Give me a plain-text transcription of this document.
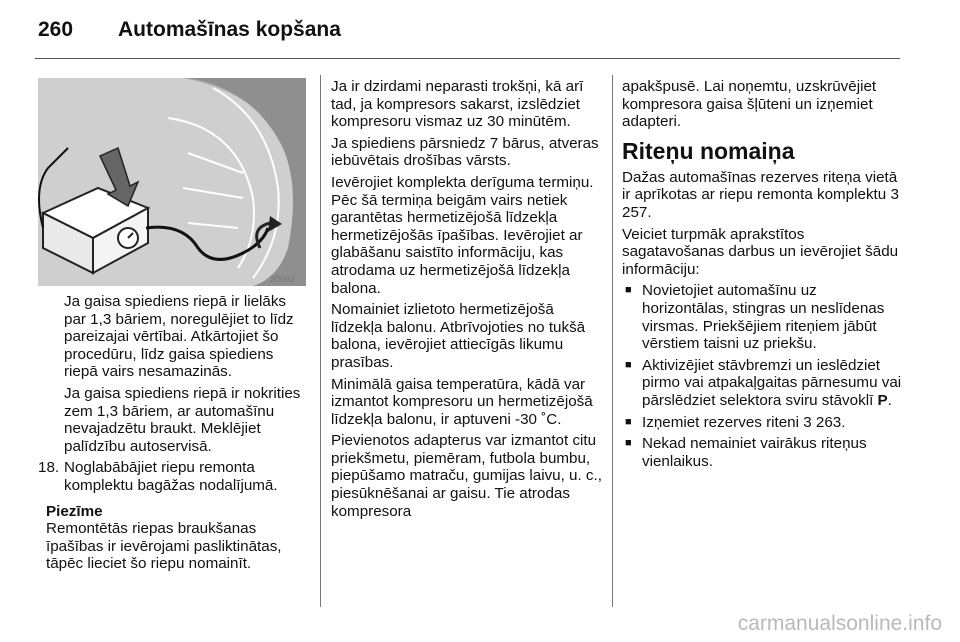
260 Automašīnas kopšana
30062

Ja gaisa spiediens riepā ir lielāks par 1,3 bāriem, noregulējiet to līdz pareizajai vērtībai. Atkārtojiet šo procedūru, līdz gaisa spiediens riepā vairs nesamazinās.

Ja gaisa spiediens riepā ir nokrities zem 1,3 bāriem, ar automašīnu nevajadzētu braukt. Meklējiet palīdzību autoservisā.

18. Noglabābājiet riepu remonta komplektu bagāžas nodalījumā.
Piezīme

Remontētās riepas braukšanas īpašības ir ievērojami pasliktinātas, tāpēc lieciet šo riepu nomainīt.

Ja ir dzirdami neparasti trokšņi, kā arī tad, ja kompresors sakarst, izslēdziet kompresoru vismaz uz 30 minūtēm.

Ja spiediens pārsniedz 7 bārus, atveras iebūvētais drošības vārsts.

Ievērojiet komplekta derīguma termiņu. Pēc šā termiņa beigām vairs netiek garantētas hermetizējošā līdzekļa hermetizējošās īpašības. Ievērojiet ar glabāšanu saistīto informāciju, kas atrodama uz hermetizējošā līdzekļa balona.

Nomainiet izlietoto hermetizējošā līdzekļa balonu. Atbrīvojoties no tukšā balona, ievērojiet attiecīgās likumu prasības.

Minimālā gaisa temperatūra, kādā var izmantot kompresoru un hermetizējošā līdzekļa balonu, ir aptuveni -30 ˚C.

Pievienotos adapterus var izmantot citu priekšmetu, piemēram, futbola bumbu, piepūšamo matraču, gumijas laivu, u. c., piesūknēšanai ar gaisu. Tie atrodas kompresora

apakšpusē. Lai noņemtu, uzskrūvējiet kompresora gaisa šļūteni un izņemiet adapteri.

Riteņu nomaiņa

Dažas automašīnas rezerves riteņa vietā ir aprīkotas ar riepu remonta komplektu 3 257.

Veiciet turpmāk aprakstītos sagatavošanas darbus un ievērojiet šādu informāciju:

■ Novietojiet automašīnu uz horizontālas, stingras un neslīdenas virsmas. Priekšējiem riteņiem jābūt vērstiem taisni uz priekšu.
■ Aktivizējiet stāvbremzi un ieslēdziet pirmo vai atpakaļgaitas pārnesumu vai pārslēdziet selektora sviru stāvoklī P.
■ Izņemiet rezerves riteni 3 263.
■ Nekad nemainiet vairākus riteņus vienlaikus.
carmanualsonline.info
